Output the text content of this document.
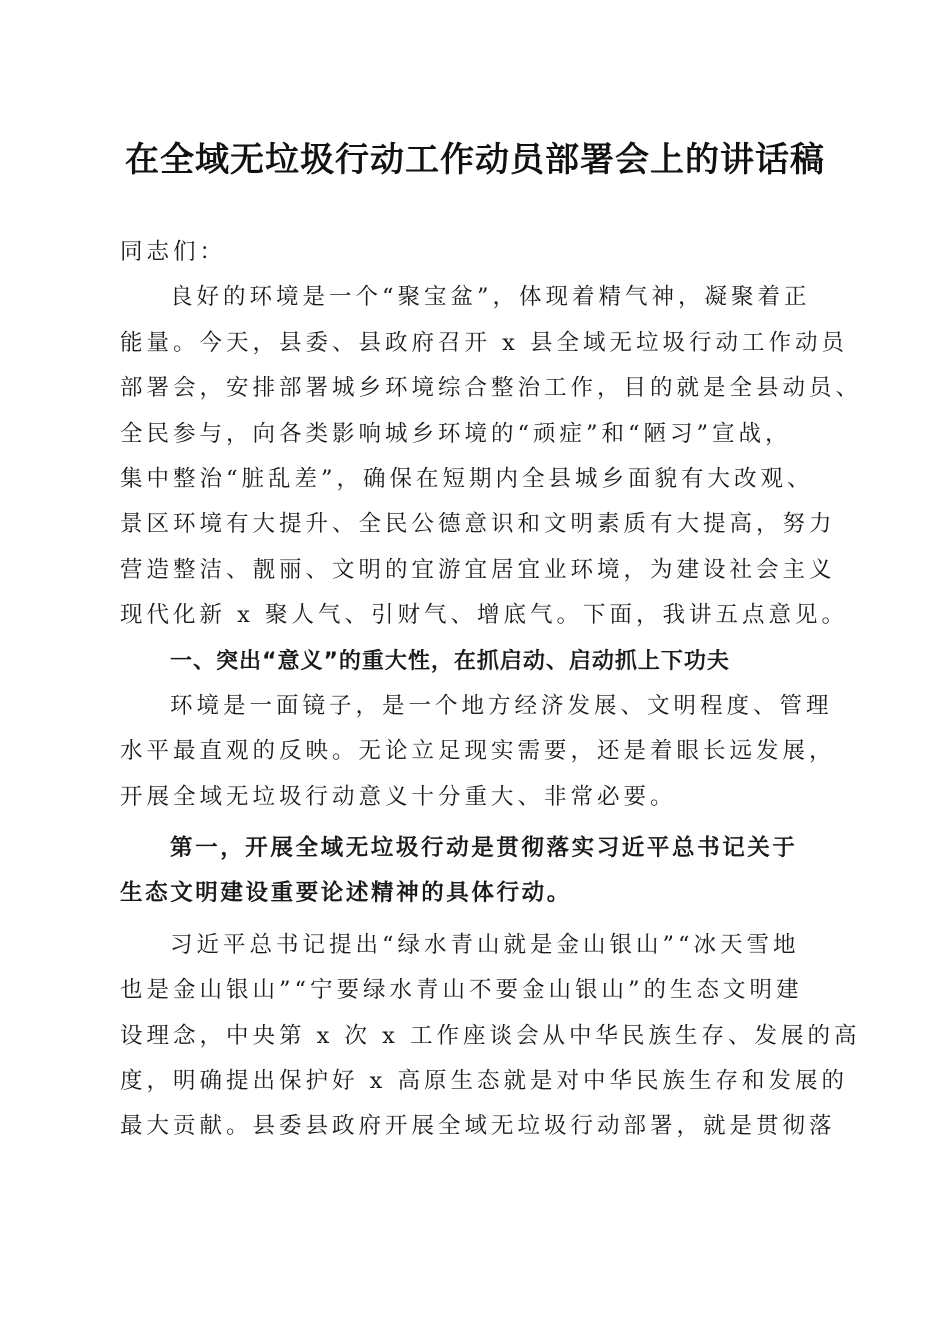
在全域无垃圾行动工作动员部署会上的讲话稿
同志们：
良好的环境是一个“聚宝盆”，体现着精气神，凝聚着正
能量。今天，县委、县政府召开 x 县全域无垃圾行动工作动员
部署会，安排部署城乡环境综合整治工作，目的就是全县动员、
全民参与，向各类影响城乡环境的“顽症”和“陋习”宣战，
集中整治“脏乱差”，确保在短期内全县城乡面貌有大改观、
景区环境有大提升、全民公德意识和文明素质有大提高，努力
营造整洁、靓丽、文明的宜游宜居宜业环境，为建设社会主义
现代化新 x 聚人气、引财气、增底气。下面，我讲五点意见。
一、突出“意义”的重大性，在抓启动、启动抓上下功夫
环境是一面镜子，是一个地方经济发展、文明程度、管理
水平最直观的反映。无论立足现实需要，还是着眼长远发展，
开展全域无垃圾行动意义十分重大、非常必要。
第一，开展全域无垃圾行动是贯彻落实习近平总书记关于
生态文明建设重要论述精神的具体行动。
习近平总书记提出“绿水青山就是金山银山”“冰天雪地
也是金山银山”“宁要绿水青山不要金山银山”的生态文明建
设理念，中央第 x 次 x 工作座谈会从中华民族生存、发展的高
度，明确提出保护好 x 高原生态就是对中华民族生存和发展的
最大贡献。县委县政府开展全域无垃圾行动部署，就是贯彻落
